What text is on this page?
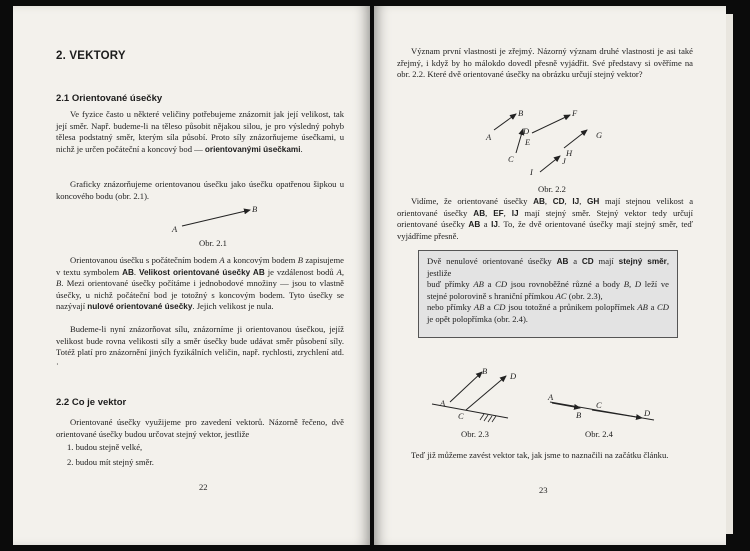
2. VEKTORY
2.1 Orientované úsečky
Ve fyzice často u některé veličiny potřebujeme znázornit jak její velikost, tak její směr. Např. budeme-li na těleso působit nějakou silou, je pro výsledný pohyb tělesa podstatný směr, kterým síla působí. Proto síly znázorňujeme úsečkami, u nichž je určen počáteční a koncový bod — orientovanými úsečkami.
Graficky znázorňujeme orientovanou úsečku jako úsečku opatřenou šipkou u koncového bodu (obr. 2.1).
A
B
Obr. 2.1
Orientovanou úsečku s počátečním bodem A a koncovým bodem B zapisujeme v textu symbolem AB. Velikost orientované úsečky AB je vzdálenost bodů A, B. Mezi orientované úsečky počítáme i jednobodové množiny — jsou to vlastně úsečky, u nichž počáteční bod je totožný s koncovým bodem. Tyto úsečky se nazývají nulové orientované úsečky. Jejich velikost je nula.
Budeme-li nyní znázorňovat sílu, znázorníme ji orientovanou úsečkou, jejíž velikost bude rovna velikosti síly a směr úsečky bude udávat směr působení síly. Totéž platí pro znázornění jiných fyzikálních veličin, např. rychlosti, zrychlení atd. ·
2.2 Co je vektor
Orientované úsečky využijeme pro zavedení vektorů. Názorně řečeno, dvě orientované úsečky budou určovat stejný vektor, jestliže
1. budou stejně velké,
2. budou mít stejný směr.
22
Význam první vlastnosti je zřejmý. Názorný význam druhé vlastnosti je asi také zřejmý, i když by ho málokdo dovedl přesně vyjádřit. Své představy si ověříme na obr. 2.2. Které dvě orientované úsečky na obrázku určují stejný vektor?
A
B
C
D
E
F
G
H
I
J
Obr. 2.2
Vidíme, že orientované úsečky AB, CD, IJ, GH mají stejnou velikost a orientované úsečky AB, EF, IJ mají stejný směr. Stejný vektor tedy určují orientované úsečky AB a IJ. To, že dvě orientované úsečky mají stejný směr, teď vyjádříme přesně.
Dvě nenulové orientované úsečky AB a CD mají stejný směr, jestliže
buď přímky AB a CD jsou rovnoběžné různé a body B, D leží ve stejné polorovině s hraniční přímkou AC (obr. 2.3),
nebo přímky AB a CD jsou totožné a průnikem polopřímek AB a CD je opět polopřímka (obr. 2.4).
A
B
C
D
Obr. 2.3
A
B
C
D
Obr. 2.4
Teď již můžeme zavést vektor tak, jak jsme to naznačili na začátku článku.
23
